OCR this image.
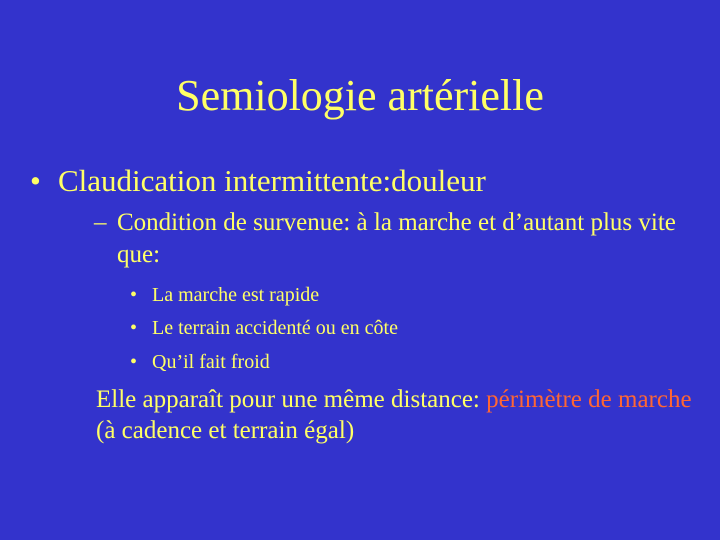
Semiologie artérielle
• Claudication intermittente:douleur
– Condition de survenue: à la marche et d’autant plus vite que:
• La marche est rapide
• Le terrain accidenté ou en côte
• Qu’il fait froid
Elle apparaît pour une même distance: périmètre de marche (à cadence et terrain égal)
